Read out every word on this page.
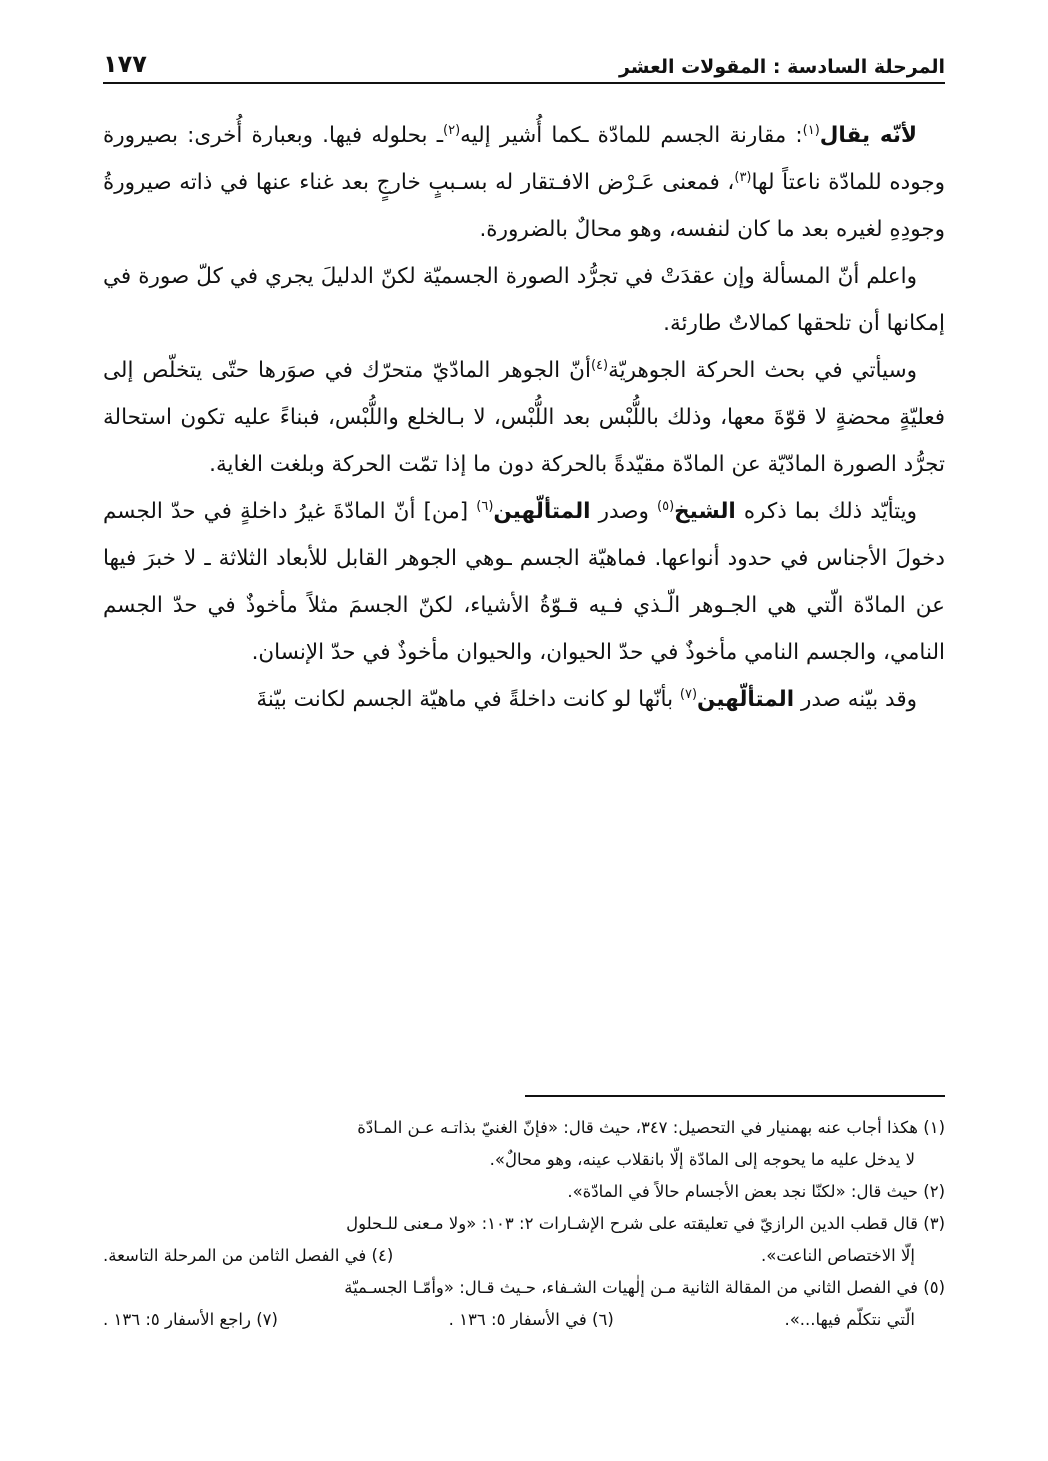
المرحلة السادسة : المقولات العشر
١٧٧

لأنّه يقال$^{(١)}$: مقارنة الجسم للمادّة ـكما أُشير إليه$^{(٢)}$ـ بحلوله فيها. وبعبارة أُخرى: بصيرورة وجوده للمادّة ناعتاً لها$^{(٣)}$، فمعنى عَـرْض الافـتقار له بسـببٍ خارجٍ بعد غناء عنها في ذاته صيرورةُ وجودِهِ لغيره بعد ما كان لنفسه، وهو محالٌ بالضرورة.

واعلم أنّ المسألة وإن عقدَتْ في تجرُّد الصورة الجسميّة لكنّ الدليلَ يجري في كلّ صورة في إمكانها أن تلحقها كمالاتٌ طارئة.

وسيأتي في بحث الحركة الجوهريّة$^{(٤)}$أنّ الجوهر المادّيّ متحرّك في صوَرها حتّى يتخلّص إلى فعليّةٍ محضةٍ لا قوّةَ معها، وذلك باللُّبْس بعد اللُّبْس، لا بـالخلع واللُّبْس، فبناءً عليه تكون استحالة تجرُّد الصورة المادّيّة عن المادّة مقيّدةً بالحركة دون ما إذا تمّت الحركة وبلغت الغاية.

ويتأيّد ذلك بما ذكره الشيخ$^{(٥)}$ وصدر المتألّهين$^{(٦)}$ [من] أنّ المادّةَ غيرُ داخلةٍ في حدّ الجسم دخولَ الأجناس في حدود أنواعها. فماهيّة الجسم ـوهي الجوهر القابل للأبعاد الثلاثة ـ لا خبرَ فيها عن المادّة الّتي هي الجـوهر الّـذي فـيه قـوّةُ الأشياء، لكنّ الجسمَ مثلاً مأخوذٌ في حدّ الجسم النامي، والجسم النامي مأخوذٌ في حدّ الحيوان، والحيوان مأخوذٌ في حدّ الإنسان.

وقد بيّنه صدر المتألّهين$^{(٧)}$ بأنّها لو كانت داخلةً في ماهيّة الجسم لكانت بيّنةَ

(١) هكذا أجاب عنه بهمنيار في التحصيل: ٣٤٧، حيث قال: «فإنّ الغنيّ بذاتـه عـن المـادّة
لا يدخل عليه ما يحوجه إلى المادّة إلّا بانقلاب عينه، وهو محالٌ».
(٢) حيث قال: «لكنّا نجد بعض الأجسام حالاً في المادّة».
(٣) قال قطب الدين الرازيّ في تعليقته على شرح الإشـارات ٢: ١٠٣: «ولا مـعنى للـحلول
إلّا الاختصاص الناعت».
(٤) في الفصل الثامن من المرحلة التاسعة.
(٥) في الفصل الثاني من المقالة الثانية مـن إلٰهيات الشـفاء، حـيث قـال: «وأمّـا الجسـميّة
الّتي نتكلّم فيها...».
(٦) في الأسفار ٥: ١٣٦ .
(٧) راجع الأسفار ٥: ١٣٦ .
